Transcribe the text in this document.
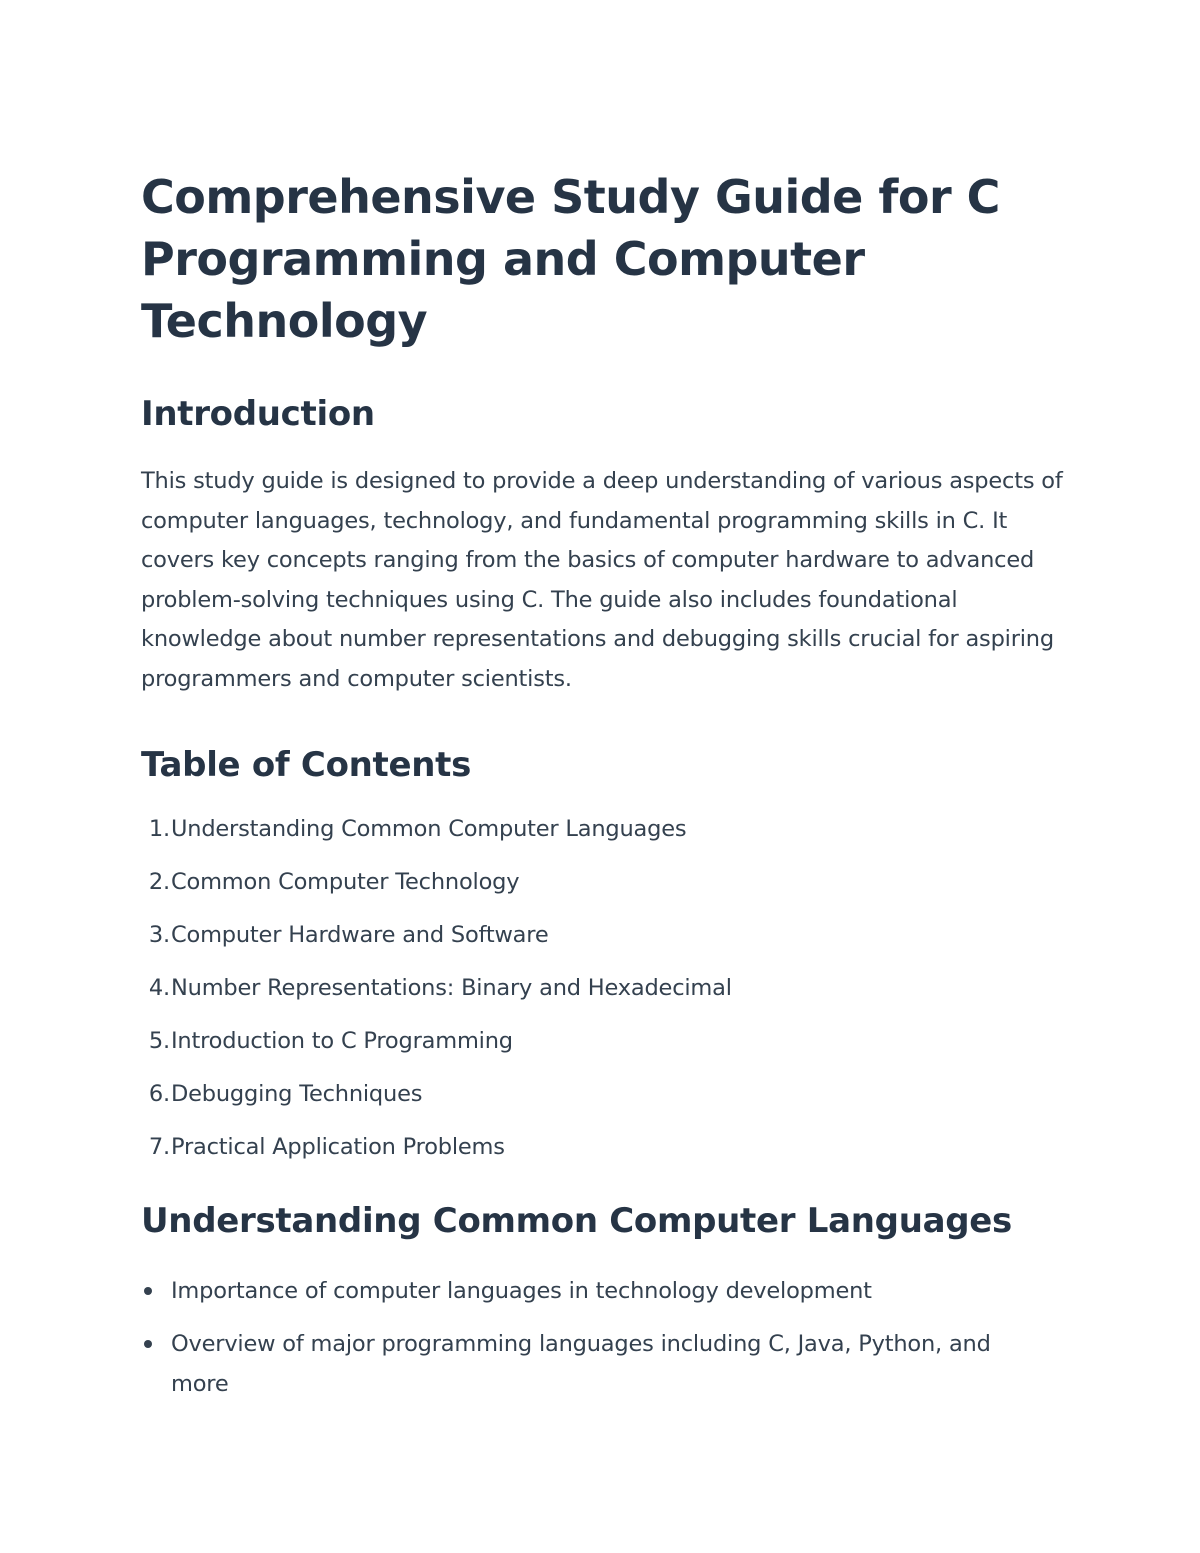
Comprehensive Study Guide for C Programming and Computer Technology
Introduction

This study guide is designed to provide a deep understanding of various aspects of computer languages, technology, and fundamental programming skills in C. It covers key concepts ranging from the basics of computer hardware to advanced problem-solving techniques using C. The guide also includes foundational knowledge about number representations and debugging skills crucial for aspiring programmers and computer scientists.

Table of Contents
1. Understanding Common Computer Languages
2. Common Computer Technology
3. Computer Hardware and Software
4. Number Representations: Binary and Hexadecimal
5. Introduction to C Programming
6. Debugging Techniques
7. Practical Application Problems
Understanding Common Computer Languages
Importance of computer languages in technology development
Overview of major programming languages including C, Java, Python, and more
